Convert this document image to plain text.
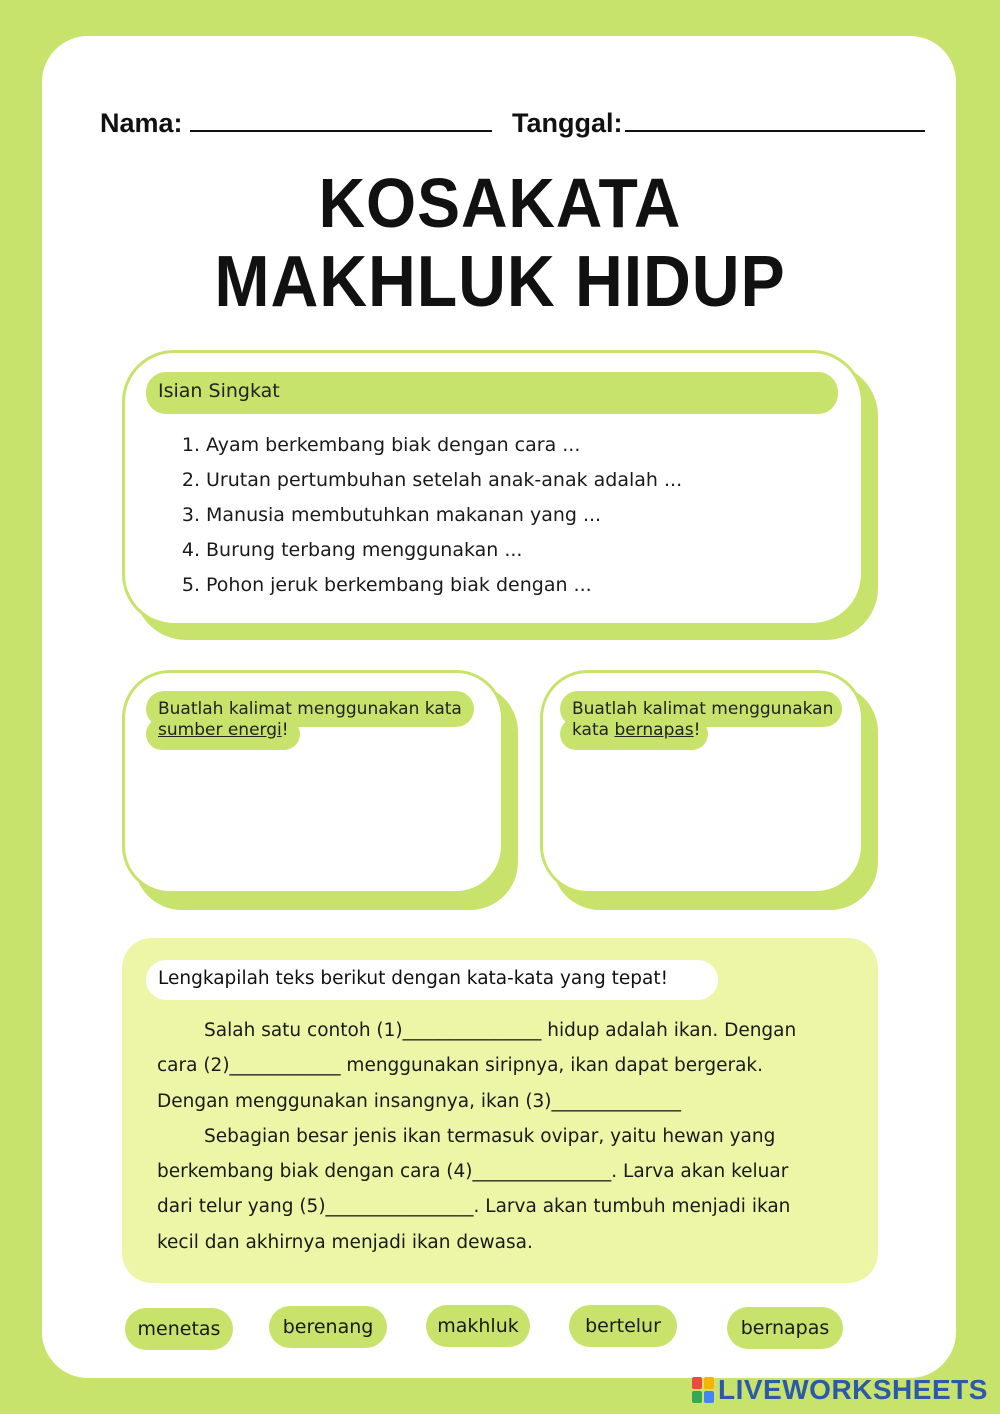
Nama:	Tanggal:
KOSAKATA
MAKHLUK HIDUP
Isian Singkat
1. Ayam berkembang biak dengan cara ...
2. Urutan pertumbuhan setelah anak-anak adalah ...
3. Manusia membutuhkan makanan yang ...
4. Burung terbang menggunakan ...
5. Pohon jeruk berkembang biak dengan ...
Buatlah kalimat menggunakan kata
sumber energi!
Buatlah kalimat menggunakan
kata bernapas!
Lengkapilah teks berikut dengan kata-kata yang tepat!
Salah satu contoh (1)_______________ hidup adalah ikan. Dengan
cara (2)____________ menggunakan siripnya, ikan dapat bergerak.
Dengan menggunakan insangnya, ikan (3)______________
Sebagian besar jenis ikan termasuk ovipar, yaitu hewan yang
berkembang biak dengan cara (4)_______________. Larva akan keluar
dari telur yang (5)________________. Larva akan tumbuh menjadi ikan
kecil dan akhirnya menjadi ikan dewasa.
menetas	berenang	makhluk	bertelur	bernapas
LIVEWORKSHEETS
